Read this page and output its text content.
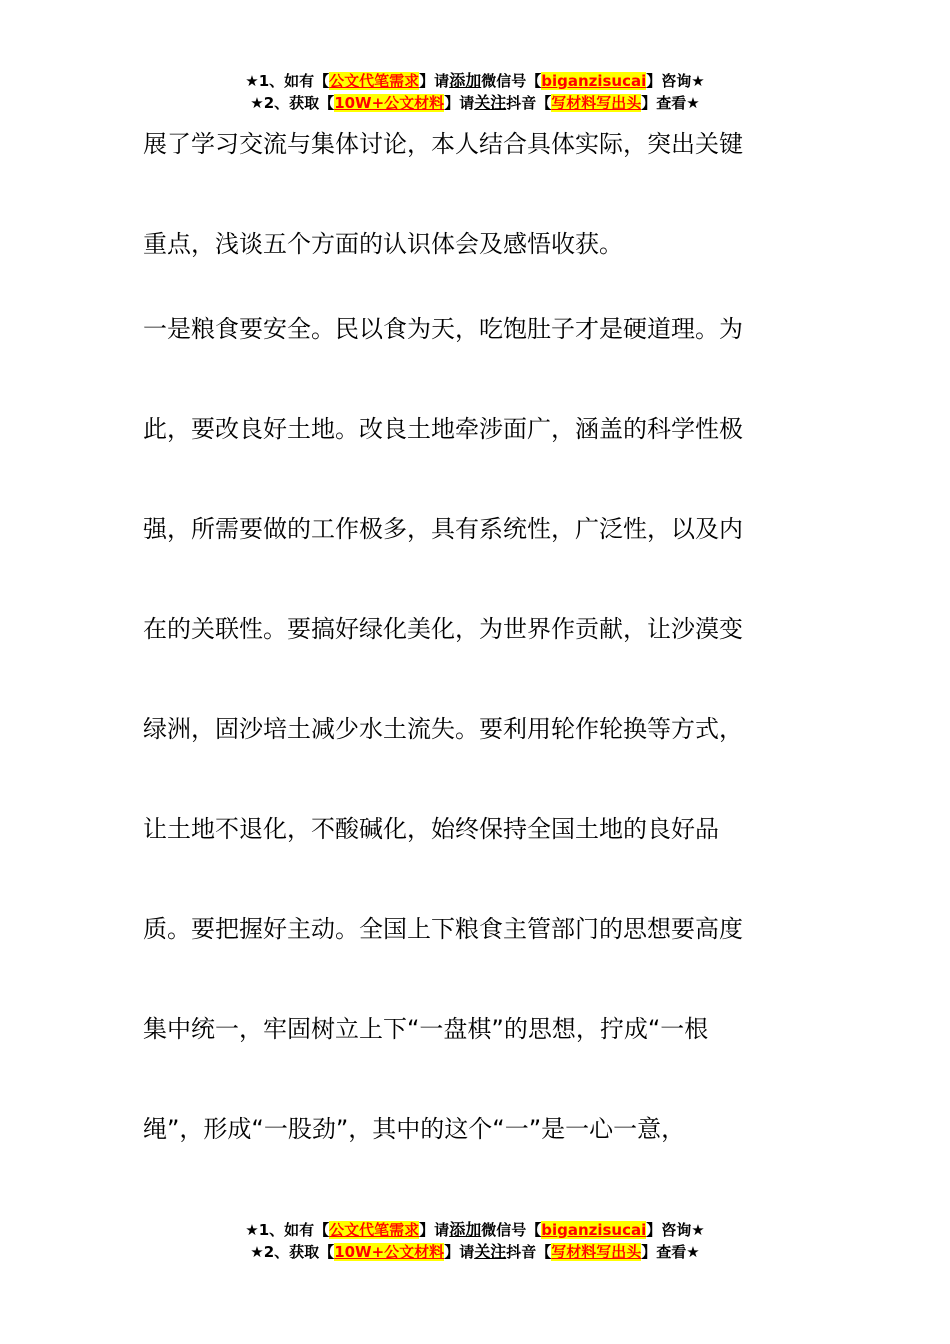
★1、如有【公文代笔需求】请添加微信号【biganzisucai】咨询★
★2、获取【10W+公文材料】请关注抖音【写材料写出头】查看★
展了学习交流与集体讨论，本人结合具体实际，突出关键
重点，浅谈五个方面的认识体会及感悟收获。
一是粮食要安全。民以食为天，吃饱肚子才是硬道理。为
此，要改良好土地。改良土地牵涉面广，涵盖的科学性极
强，所需要做的工作极多，具有系统性，广泛性，以及内
在的关联性。要搞好绿化美化，为世界作贡献，让沙漠变
绿洲，固沙培土减少水土流失。要利用轮作轮换等方式，
让土地不退化，不酸碱化，始终保持全国土地的良好品
质。要把握好主动。全国上下粮食主管部门的思想要高度
集中统一，牢固树立上下“一盘棋”的思想，拧成“一根
绳”，形成“一股劲”，其中的这个“一”是一心一意，
★1、如有【公文代笔需求】请添加微信号【biganzisucai】咨询★
★2、获取【10W+公文材料】请关注抖音【写材料写出头】查看★
